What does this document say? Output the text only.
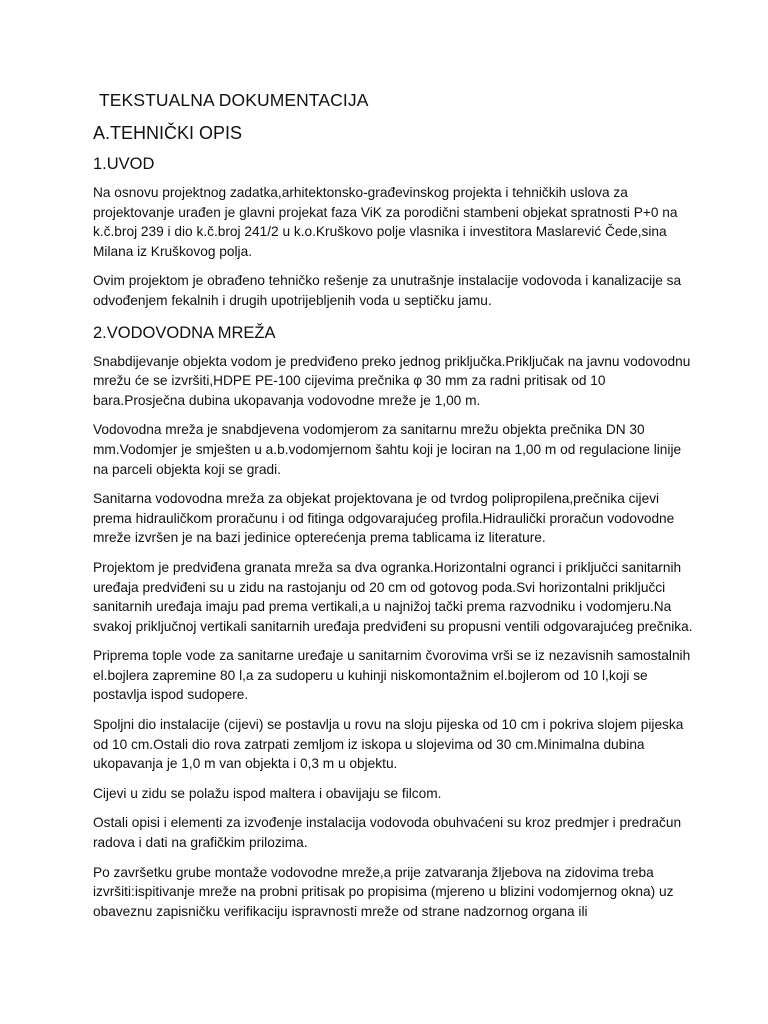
TEKSTUALNA DOKUMENTACIJA
A.TEHNIČKI OPIS
1.UVOD

Na osnovu projektnog zadatka,arhitektonsko-građevinskog projekta i tehničkih uslova za projektovanje urađen je glavni projekat faza ViK za porodični stambeni objekat spratnosti P+0 na k.č.broj 239 i dio k.č.broj 241/2 u k.o.Kruškovo polje vlasnika i investitora Maslarević Čede,sina Milana iz Kruškovog polja.

Ovim projektom je obrađeno tehničko rešenje za unutrašnje instalacije vodovoda i kanalizacije sa odvođenjem fekalnih i drugih upotrijebljenih voda u septičku jamu.

2.VODOVODNA MREŽA

Snabdijevanje objekta vodom je predviđeno preko jednog priključka.Priključak na javnu vodovodnu mrežu će se izvršiti,HDPE PE-100 cijevima prečnika φ 30 mm za radni pritisak od 10 bara.Prosječna dubina ukopavanja vodovodne mreže je 1,00 m.

Vodovodna mreža je snabdjevena vodomjerom za sanitarnu mrežu objekta prečnika DN 30 mm.Vodomjer je smješten u a.b.vodomjernom šahtu koji je lociran na 1,00 m od regulacione linije na parceli objekta koji se gradi.

Sanitarna vodovodna mreža za objekat projektovana je od tvrdog polipropilena,prečnika cijevi prema hidrauličkom proračunu i od fitinga odgovarajućeg profila.Hidraulički proračun vodovodne mreže izvršen je na bazi jedinice opterećenja prema tablicama iz literature.

Projektom je predviđena granata mreža sa dva ogranka.Horizontalni ogranci i priključci sanitarnih uređaja predviđeni su u zidu na rastojanju od 20 cm od gotovog poda.Svi horizontalni priključci sanitarnih uređaja imaju pad prema vertikali,a u najnižoj tački prema razvodniku i vodomjeru.Na svakoj priključnoj vertikali sanitarnih uređaja predviđeni su propusni ventili odgovarajućeg prečnika.

Priprema tople vode za sanitarne uređaje u sanitarnim čvorovima vrši se iz nezavisnih samostalnih el.bojlera zapremine 80 l,a za sudoperu u kuhinji niskomontažnim el.bojlerom od 10 l,koji se postavlja ispod sudopere.

Spoljni dio instalacije (cijevi) se postavlja u rovu na sloju pijeska od 10 cm i pokriva slojem pijeska od 10 cm.Ostali dio rova zatrpati zemljom iz iskopa u slojevima od 30 cm.Minimalna dubina ukopavanja je 1,0 m van objekta i 0,3 m u objektu.

Cijevi u zidu se polažu ispod maltera i obavijaju se filcom.

Ostali opisi i elementi za izvođenje instalacija vodovoda obuhvaćeni su kroz predmjer i predračun radova i dati na grafičkim prilozima.

Po završetku grube montaže vodovodne mreže,a prije zatvaranja žljebova na zidovima treba izvršiti:ispitivanje mreže na probni pritisak po propisima (mjereno u blizini vodomjernog okna) uz obaveznu zapisničku verifikaciju ispravnosti mreže od strane nadzornog organa ili
